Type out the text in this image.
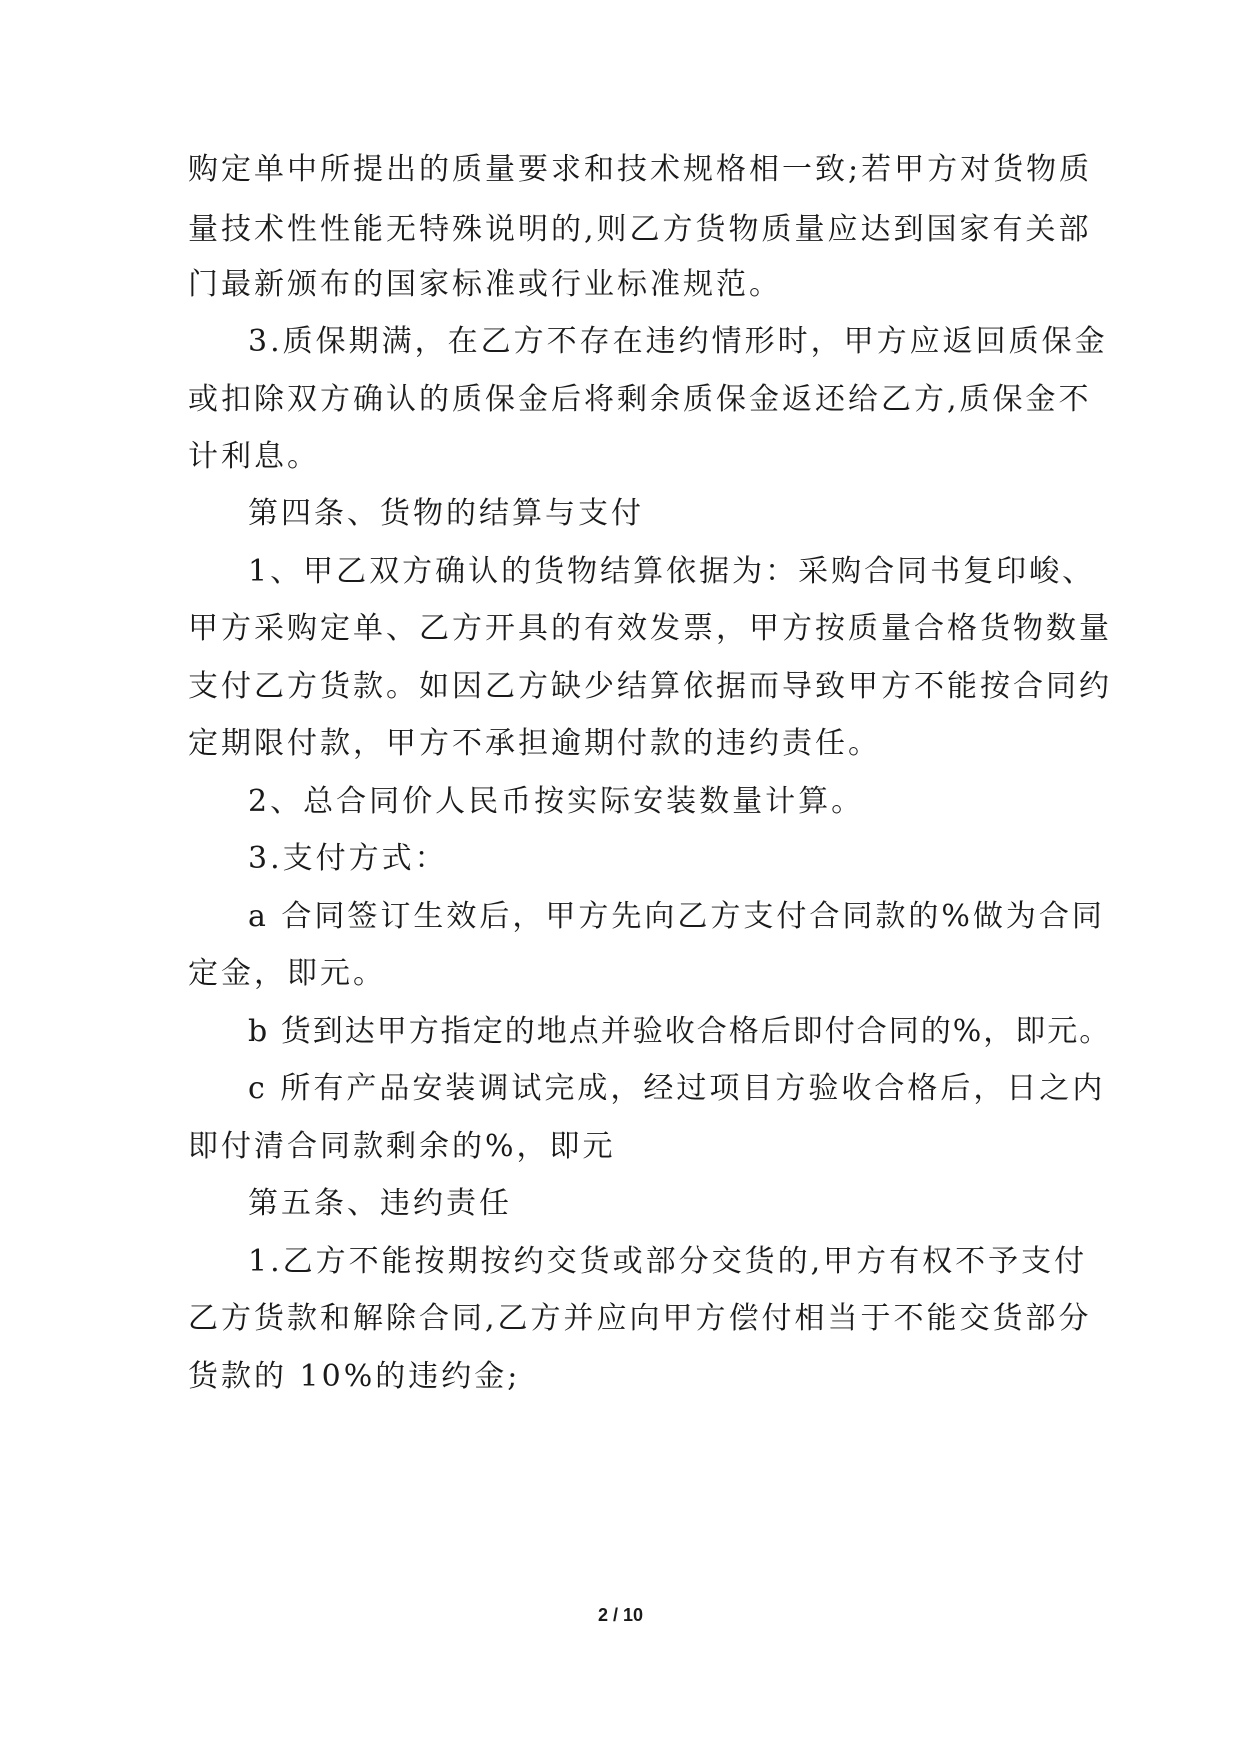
购定单中所提出的质量要求和技术规格相一致;若甲方对货物质
量技术性性能无特殊说明的,则乙方货物质量应达到国家有关部
门最新颁布的国家标准或行业标准规范。
3.质保期满，在乙方不存在违约情形时，甲方应返回质保金
或扣除双方确认的质保金后将剩余质保金返还给乙方,质保金不
计利息。
第四条、货物的结算与支付
1、甲乙双方确认的货物结算依据为：采购合同书复印峻、
甲方采购定单、乙方开具的有效发票，甲方按质量合格货物数量
支付乙方货款。如因乙方缺少结算依据而导致甲方不能按合同约
定期限付款，甲方不承担逾期付款的违约责任。
2、总合同价人民币按实际安装数量计算。
3.支付方式：
a 合同签订生效后，甲方先向乙方支付合同款的%做为合同
定金，即元。
b 货到达甲方指定的地点并验收合格后即付合同的%，即元。
c 所有产品安装调试完成，经过项目方验收合格后，日之内
即付清合同款剩余的%，即元
第五条、违约责任
1.乙方不能按期按约交货或部分交货的,甲方有权不予支付
乙方货款和解除合同,乙方并应向甲方偿付相当于不能交货部分
货款的 10%的违约金;
2 / 10
